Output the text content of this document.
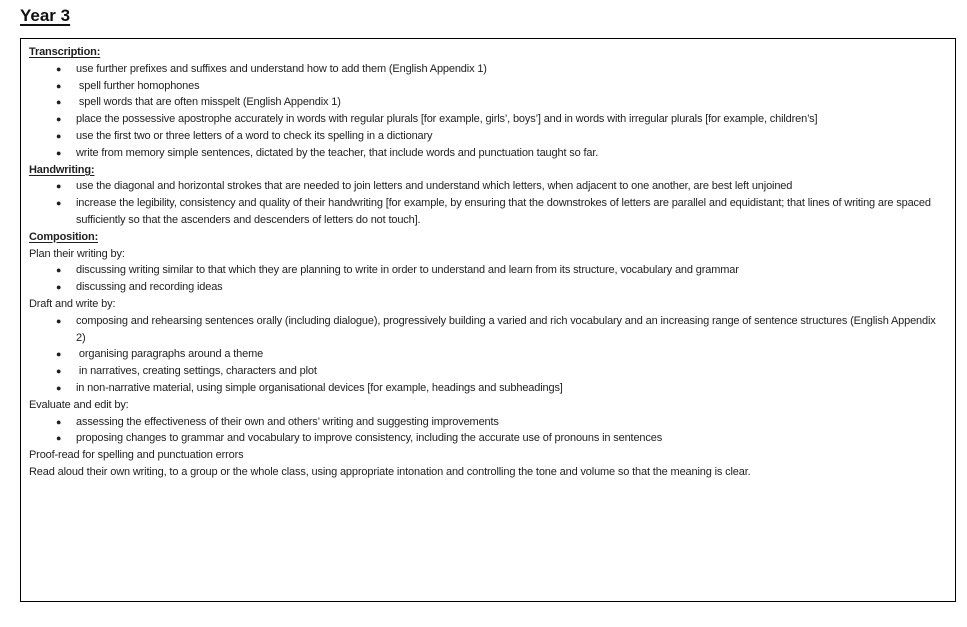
Year 3
Transcription:
●	use further prefixes and suffixes and understand how to add them (English Appendix 1)
●	spell further homophones
●	spell words that are often misspelt (English Appendix 1)
●	place the possessive apostrophe accurately in words with regular plurals [for example, girls’, boys’] and in words with irregular plurals [for example, children’s]
●	use the first two or three letters of a word to check its spelling in a dictionary
●	write from memory simple sentences, dictated by the teacher, that include words and punctuation taught so far.
Handwriting:
●	use the diagonal and horizontal strokes that are needed to join letters and understand which letters, when adjacent to one another, are best left unjoined
●	increase the legibility, consistency and quality of their handwriting [for example, by ensuring that the downstrokes of letters are parallel and equidistant; that lines of writing are spaced sufficiently so that the ascenders and descenders of letters do not touch].
Composition:
Plan their writing by:
●	discussing writing similar to that which they are planning to write in order to understand and learn from its structure, vocabulary and grammar
●	discussing and recording ideas
Draft and write by:
●	composing and rehearsing sentences orally (including dialogue), progressively building a varied and rich vocabulary and an increasing range of sentence structures (English Appendix 2)
●	organising paragraphs around a theme
●	in narratives, creating settings, characters and plot
●	in non-narrative material, using simple organisational devices [for example, headings and subheadings]
Evaluate and edit by:
●	assessing the effectiveness of their own and others’ writing and suggesting improvements
●	proposing changes to grammar and vocabulary to improve consistency, including the accurate use of pronouns in sentences
Proof-read for spelling and punctuation errors
Read aloud their own writing, to a group or the whole class, using appropriate intonation and controlling the tone and volume so that the meaning is clear.
